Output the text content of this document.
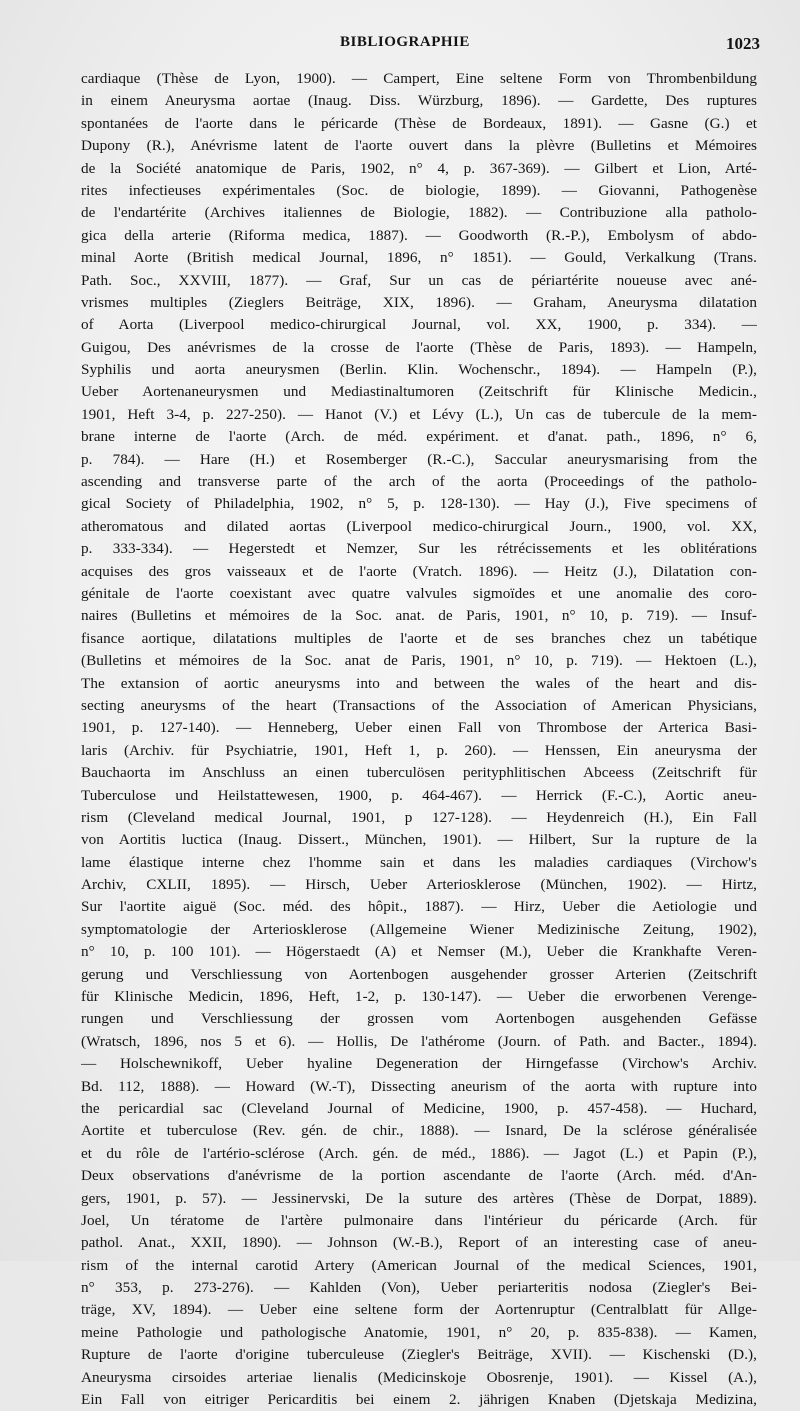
BIBLIOGRAPHIE	1023
cardiaque (Thèse de Lyon, 1900). — Campert, Eine seltene Form von Thrombenbildung
in einem Aneurysma aortae (Inaug. Diss. Würzburg, 1896). — Gardette, Des ruptures
spontanées de l'aorte dans le péricarde (Thèse de Bordeaux, 1891). — Gasne (G.) et
Dupony (R.), Anévrisme latent de l'aorte ouvert dans la plèvre (Bulletins et Mémoires
de la Société anatomique de Paris, 1902, n° 4, p. 367-369). — Gilbert et Lion, Arté-
rites infectieuses expérimentales (Soc. de biologie, 1899). — Giovanni, Pathogenèse
de l'endartérite (Archives italiennes de Biologie, 1882). — Contribuzione alla patholo-
gica della arterie (Riforma medica, 1887). — Goodworth (R.-P.), Embolysm of abdo-
minal Aorte (British medical Journal, 1896, n° 1851). — Gould, Verkalkung (Trans.
Path. Soc., XXVIII, 1877). — Graf, Sur un cas de périartérite noueuse avec ané-
vrismes multiples (Zieglers Beiträge, XIX, 1896). — Graham, Aneurysma dilatation
of Aorta (Liverpool medico-chirurgical Journal, vol. XX, 1900, p. 334). —
Guigou, Des anévrismes de la crosse de l'aorte (Thèse de Paris, 1893). — Hampeln,
Syphilis und aorta aneurysmen (Berlin. Klin. Wochenschr., 1894). — Hampeln (P.),
Ueber Aortenaneurysmen und Mediastinaltumoren (Zeitschrift für Klinische Medicin.,
1901, Heft 3-4, p. 227-250). — Hanot (V.) et Lévy (L.), Un cas de tubercule de la mem-
brane interne de l'aorte (Arch. de méd. expériment. et d'anat. path., 1896, n° 6,
p. 784). — Hare (H.) et Rosemberger (R.-C.), Saccular aneurysmarising from the
ascending and transverse parte of the arch of the aorta (Proceedings of the patholo-
gical Society of Philadelphia, 1902, n° 5, p. 128-130). — Hay (J.), Five specimens of
atheromatous and dilated aortas (Liverpool medico-chirurgical Journ., 1900, vol. XX,
p. 333-334). — Hegerstedt et Nemzer, Sur les rétrécissements et les oblitérations
acquises des gros vaisseaux et de l'aorte (Vratch. 1896). — Heitz (J.), Dilatation con-
génitale de l'aorte coexistant avec quatre valvules sigmoïdes et une anomalie des coro-
naires (Bulletins et mémoires de la Soc. anat. de Paris, 1901, n° 10, p. 719). — Insuf-
fisance aortique, dilatations multiples de l'aorte et de ses branches chez un tabétique
(Bulletins et mémoires de la Soc. anat de Paris, 1901, n° 10, p. 719). — Hektoen (L.),
The extansion of aortic aneurysms into and between the wales of the heart and dis-
secting aneurysms of the heart (Transactions of the Association of American Physicians,
1901, p. 127-140). — Henneberg, Ueber einen Fall von Thrombose der Arterica Basi-
laris (Archiv. für Psychiatrie, 1901, Heft 1, p. 260). — Henssen, Ein aneurysma der
Bauchaorta im Anschluss an einen tuberculösen perityphlitischen Abceess (Zeitschrift für
Tuberculose und Heilstattewesen, 1900, p. 464-467). — Herrick (F.-C.), Aortic aneu-
rism (Cleveland medical Journal, 1901, p 127-128). — Heydenreich (H.), Ein Fall
von Aortitis luctica (Inaug. Dissert., München, 1901). — Hilbert, Sur la rupture de la
lame élastique interne chez l'homme sain et dans les maladies cardiaques (Virchow's
Archiv, CXLII, 1895). — Hirsch, Ueber Arteriosklerose (München, 1902). — Hirtz,
Sur l'aortite aiguë (Soc. méd. des hôpit., 1887). — Hirz, Ueber die Aetiologie und
symptomatologie der Arteriosklerose (Allgemeine Wiener Medizinische Zeitung, 1902),
n° 10, p. 100 101). — Högerstaedt (A) et Nemser (M.), Ueber die Krankhafte Veren-
gerung und Verschliessung von Aortenbogen ausgehender grosser Arterien (Zeitschrift
für Klinische Medicin, 1896, Heft, 1-2, p. 130-147). — Ueber die erworbenen Verenge-
rungen und Verschliessung der grossen vom Aortenbogen ausgehenden Gefässe
(Wratsch, 1896, nos 5 et 6). — Hollis, De l'athérome (Journ. of Path. and Bacter., 1894).
— Holschewnikoff, Ueber hyaline Degeneration der Hirngefasse (Virchow's Archiv.
Bd. 112, 1888). — Howard (W.-T), Dissecting aneurism of the aorta with rupture into
the pericardial sac (Cleveland Journal of Medicine, 1900, p. 457-458). — Huchard,
Aortite et tuberculose (Rev. gén. de chir., 1888). — Isnard, De la sclérose généralisée
et du rôle de l'artério-sclérose (Arch. gén. de méd., 1886). — Jagot (L.) et Papin (P.),
Deux observations d'anévrisme de la portion ascendante de l'aorte (Arch. méd. d'An-
gers, 1901, p. 57). — Jessinervski, De la suture des artères (Thèse de Dorpat, 1889).
Joel, Un tératome de l'artère pulmonaire dans l'intérieur du péricarde (Arch. für
pathol. Anat., XXII, 1890). — Johnson (W.-B.), Report of an interesting case of aneu-
rism of the internal carotid Artery (American Journal of the medical Sciences, 1901,
n° 353, p. 273-276). — Kahlden (Von), Ueber periarteritis nodosa (Ziegler's Bei-
träge, XV, 1894). — Ueber eine seltene form der Aortenruptur (Centralblatt für Allge-
meine Pathologie und pathologische Anatomie, 1901, n° 20, p. 835-838). — Kamen,
Rupture de l'aorte d'origine tuberculeuse (Ziegler's Beiträge, XVII). — Kischenski (D.),
Aneurysma cirsoides arteriae lienalis (Medicinskoje Obosrenje, 1901). — Kissel (A.),
Ein Fall von eitriger Pericarditis bei einem 2. jährigen Knaben (Djetskaja Medizina,
